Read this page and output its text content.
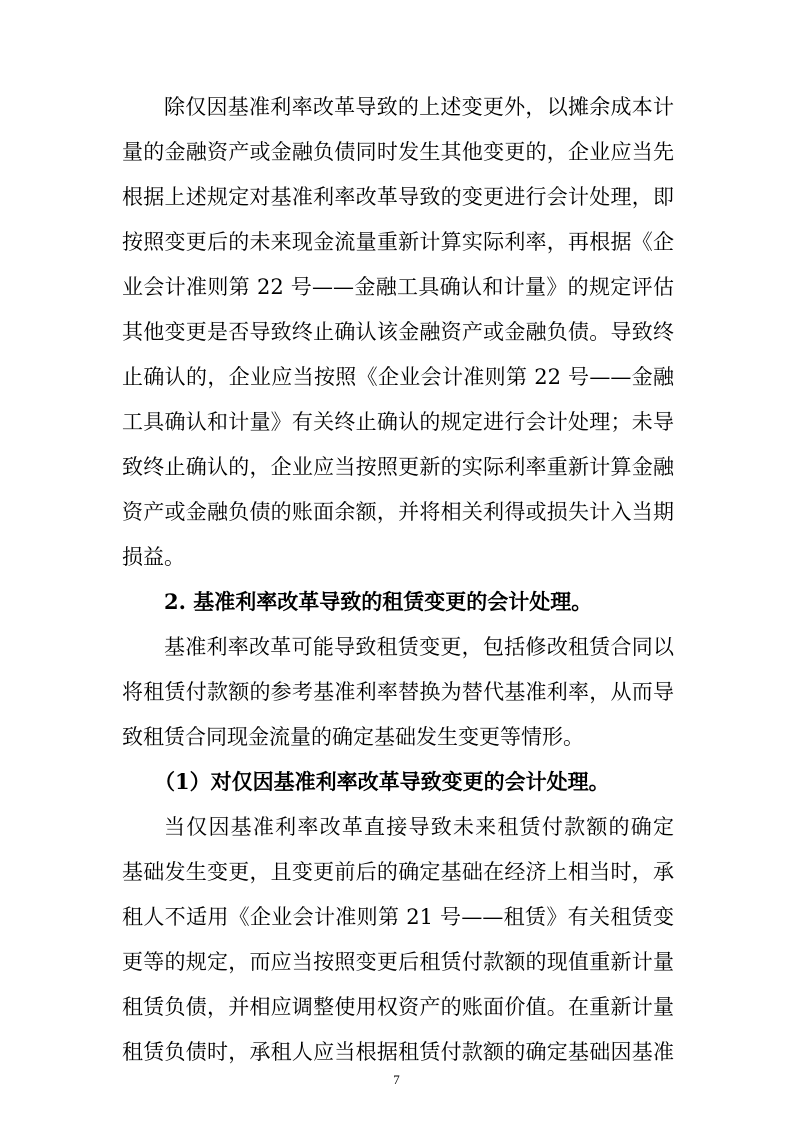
除仅因基准利率改革导致的上述变更外，以摊余成本计
量的金融资产或金融负债同时发生其他变更的，企业应当先
根据上述规定对基准利率改革导致的变更进行会计处理，即
按照变更后的未来现金流量重新计算实际利率，再根据《企
业会计准则第 22 号——金融工具确认和计量》的规定评估
其他变更是否导致终止确认该金融资产或金融负债。导致终
止确认的，企业应当按照《企业会计准则第 22 号——金融
工具确认和计量》有关终止确认的规定进行会计处理；未导
致终止确认的，企业应当按照更新的实际利率重新计算金融
资产或金融负债的账面余额，并将相关利得或损失计入当期
损益。
2. 基准利率改革导致的租赁变更的会计处理。
基准利率改革可能导致租赁变更，包括修改租赁合同以
将租赁付款额的参考基准利率替换为替代基准利率，从而导
致租赁合同现金流量的确定基础发生变更等情形。
（1）对仅因基准利率改革导致变更的会计处理。
当仅因基准利率改革直接导致未来租赁付款额的确定
基础发生变更，且变更前后的确定基础在经济上相当时，承
租人不适用《企业会计准则第 21 号——租赁》有关租赁变
更等的规定，而应当按照变更后租赁付款额的现值重新计量
租赁负债，并相应调整使用权资产的账面价值。在重新计量
租赁负债时，承租人应当根据租赁付款额的确定基础因基准
7
